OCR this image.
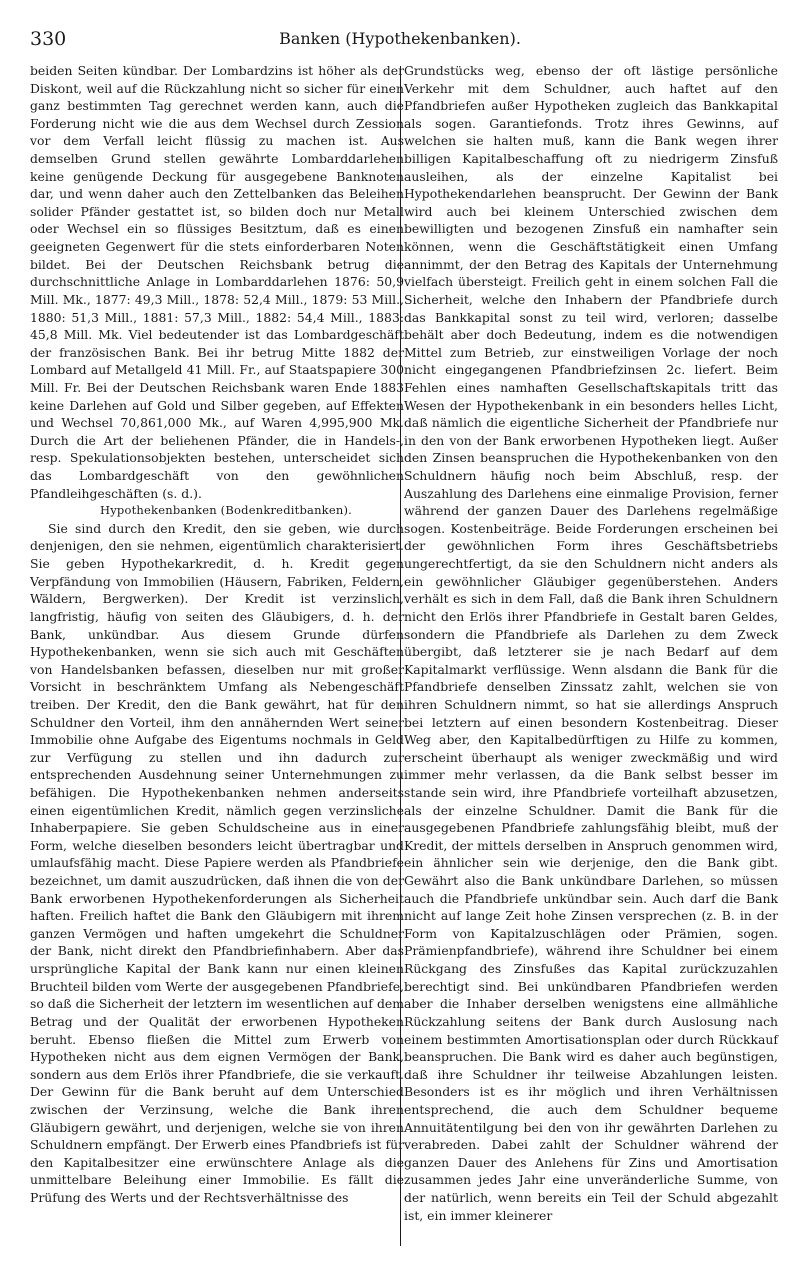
330	Banken (Hypothekenbanken).

beiden Seiten kündbar. Der Lombardzins ist höher als der Diskont, weil auf die Rückzahlung nicht so sicher für einen ganz bestimmten Tag gerechnet werden kann, auch die Forderung nicht wie die aus dem Wechsel durch Zession vor dem Verfall leicht flüssig zu machen ist. Aus demselben Grund stellen gewährte Lombarddarlehen keine genügende Deckung für ausgegebene Banknoten dar, und wenn daher auch den Zettelbanken das Beleihen solider Pfänder gestattet ist, so bilden doch nur Metall oder Wechsel ein so flüssiges Besitztum, daß es einen geeigneten Gegenwert für die stets einforderbaren Noten bildet. Bei der Deutschen Reichsbank betrug die durchschnittliche Anlage in Lombarddarlehen 1876: 50,9 Mill. Mk., 1877: 49,3 Mill., 1878: 52,4 Mill., 1879: 53 Mill., 1880: 51,3 Mill., 1881: 57,3 Mill., 1882: 54,4 Mill., 1883: 45,8 Mill. Mk. Viel bedeutender ist das Lombardgeschäft der französischen Bank. Bei ihr betrug Mitte 1882 der Lombard auf Metallgeld 41 Mill. Fr., auf Staatspapiere 300 Mill. Fr. Bei der Deutschen Reichsbank waren Ende 1883 keine Darlehen auf Gold und Silber gegeben, auf Effekten und Wechsel 70,861,000 Mk., auf Waren 4,995,900 Mk. Durch die Art der beliehenen Pfänder, die in Handels-, resp. Spekulationsobjekten bestehen, unterscheidet sich das Lombardgeschäft von den gewöhnlichen Pfandleihgeschäften (s. d.).

Hypothekenbanken (Bodenkreditbanken).

Sie sind durch den Kredit, den sie geben, wie durch denjenigen, den sie nehmen, eigentümlich charakterisiert. Sie geben Hypothekarkredit, d. h. Kredit gegen Verpfändung von Immobilien (Häusern, Fabriken, Feldern, Wäldern, Bergwerken). Der Kredit ist verzinslich, langfristig, häufig von seiten des Gläubigers, d. h. der Bank, unkündbar. Aus diesem Grunde dürfen Hypothekenbanken, wenn sie sich auch mit Geschäften von Handelsbanken befassen, dieselben nur mit großer Vorsicht in beschränktem Umfang als Nebengeschäft treiben. Der Kredit, den die Bank gewährt, hat für den Schuldner den Vorteil, ihm den annähernden Wert seiner Immobilie ohne Aufgabe des Eigentums nochmals in Geld zur Verfügung zu stellen und ihn dadurch zur entsprechenden Ausdehnung seiner Unternehmungen zu befähigen. Die Hypothekenbanken nehmen anderseits einen eigentümlichen Kredit, nämlich gegen verzinsliche Inhaberpapiere. Sie geben Schuldscheine aus in einer Form, welche dieselben besonders leicht übertragbar und umlaufsfähig macht. Diese Papiere werden als Pfandbriefe bezeichnet, um damit auszudrücken, daß ihnen die von der Bank erworbenen Hypothekenforderungen als Sicherheit haften. Freilich haftet die Bank den Gläubigern mit ihrem ganzen Vermögen und haften umgekehrt die Schuldner der Bank, nicht direkt den Pfandbriefinhabern. Aber das ursprüngliche Kapital der Bank kann nur einen kleinen Bruchteil bilden vom Werte der ausgegebenen Pfandbriefe, so daß die Sicherheit der letztern im wesentlichen auf dem Betrag und der Qualität der erworbenen Hypotheken beruht. Ebenso fließen die Mittel zum Erwerb von Hypotheken nicht aus dem eignen Vermögen der Bank, sondern aus dem Erlös ihrer Pfandbriefe, die sie verkauft. Der Gewinn für die Bank beruht auf dem Unterschied zwischen der Verzinsung, welche die Bank ihren Gläubigern gewährt, und derjenigen, welche sie von ihren Schuldnern empfängt. Der Erwerb eines Pfandbriefs ist für den Kapitalbesitzer eine erwünschtere Anlage als die unmittelbare Beleihung einer Immobilie. Es fällt die Prüfung des Werts und der Rechtsverhältnisse des

Grundstücks weg, ebenso der oft lästige persönliche Verkehr mit dem Schuldner, auch haftet auf den Pfandbriefen außer Hypotheken zugleich das Bankkapital als sogen. Garantiefonds. Trotz ihres Gewinns, auf welchen sie halten muß, kann die Bank wegen ihrer billigen Kapitalbeschaffung oft zu niedrigerm Zinsfuß ausleihen, als der einzelne Kapitalist bei Hypothekendarlehen beansprucht. Der Gewinn der Bank wird auch bei kleinem Unterschied zwischen dem bewilligten und bezogenen Zinsfuß ein namhafter sein können, wenn die Geschäftstätigkeit einen Umfang annimmt, der den Betrag des Kapitals der Unternehmung vielfach übersteigt. Freilich geht in einem solchen Fall die Sicherheit, welche den Inhabern der Pfandbriefe durch das Bankkapital sonst zu teil wird, verloren; dasselbe behält aber doch Bedeutung, indem es die notwendigen Mittel zum Betrieb, zur einstweiligen Vorlage der noch nicht eingegangenen Pfandbriefzinsen 2c. liefert. Beim Fehlen eines namhaften Gesellschaftskapitals tritt das Wesen der Hypothekenbank in ein besonders helles Licht, daß nämlich die eigentliche Sicherheit der Pfandbriefe nur in den von der Bank erworbenen Hypotheken liegt. Außer den Zinsen beanspruchen die Hypothekenbanken von den Schuldnern häufig noch beim Abschluß, resp. der Auszahlung des Darlehens eine einmalige Provision, ferner während der ganzen Dauer des Darlehens regelmäßige sogen. Kostenbeiträge. Beide Forderungen erscheinen bei der gewöhnlichen Form ihres Geschäftsbetriebs ungerechtfertigt, da sie den Schuldnern nicht anders als ein gewöhnlicher Gläubiger gegenüberstehen. Anders verhält es sich in dem Fall, daß die Bank ihren Schuldnern nicht den Erlös ihrer Pfandbriefe in Gestalt baren Geldes, sondern die Pfandbriefe als Darlehen zu dem Zweck übergibt, daß letzterer sie je nach Bedarf auf dem Kapitalmarkt verflüssige. Wenn alsdann die Bank für die Pfandbriefe denselben Zinssatz zahlt, welchen sie von ihren Schuldnern nimmt, so hat sie allerdings Anspruch bei letztern auf einen besondern Kostenbeitrag. Dieser Weg aber, den Kapitalbedürftigen zu Hilfe zu kommen, erscheint überhaupt als weniger zweckmäßig und wird immer mehr verlassen, da die Bank selbst besser im stande sein wird, ihre Pfandbriefe vorteilhaft abzusetzen, als der einzelne Schuldner. Damit die Bank für die ausgegebenen Pfandbriefe zahlungsfähig bleibt, muß der Kredit, der mittels derselben in Anspruch genommen wird, ein ähnlicher sein wie derjenige, den die Bank gibt. Gewährt also die Bank unkündbare Darlehen, so müssen auch die Pfandbriefe unkündbar sein. Auch darf die Bank nicht auf lange Zeit hohe Zinsen versprechen (z. B. in der Form von Kapitalzuschlägen oder Prämien, sogen. Prämienpfandbriefe), während ihre Schuldner bei einem Rückgang des Zinsfußes das Kapital zurückzuzahlen berechtigt sind. Bei unkündbaren Pfandbriefen werden aber die Inhaber derselben wenigstens eine allmähliche Rückzahlung seitens der Bank durch Auslosung nach einem bestimmten Amortisationsplan oder durch Rückkauf beanspruchen. Die Bank wird es daher auch begünstigen, daß ihre Schuldner ihr teilweise Abzahlungen leisten. Besonders ist es ihr möglich und ihren Verhältnissen entsprechend, die auch dem Schuldner bequeme Annuitätentilgung bei den von ihr gewährten Darlehen zu verabreden. Dabei zahlt der Schuldner während der ganzen Dauer des Anlehens für Zins und Amortisation zusammen jedes Jahr eine unveränderliche Summe, von der natürlich, wenn bereits ein Teil der Schuld abgezahlt ist, ein immer kleinerer
